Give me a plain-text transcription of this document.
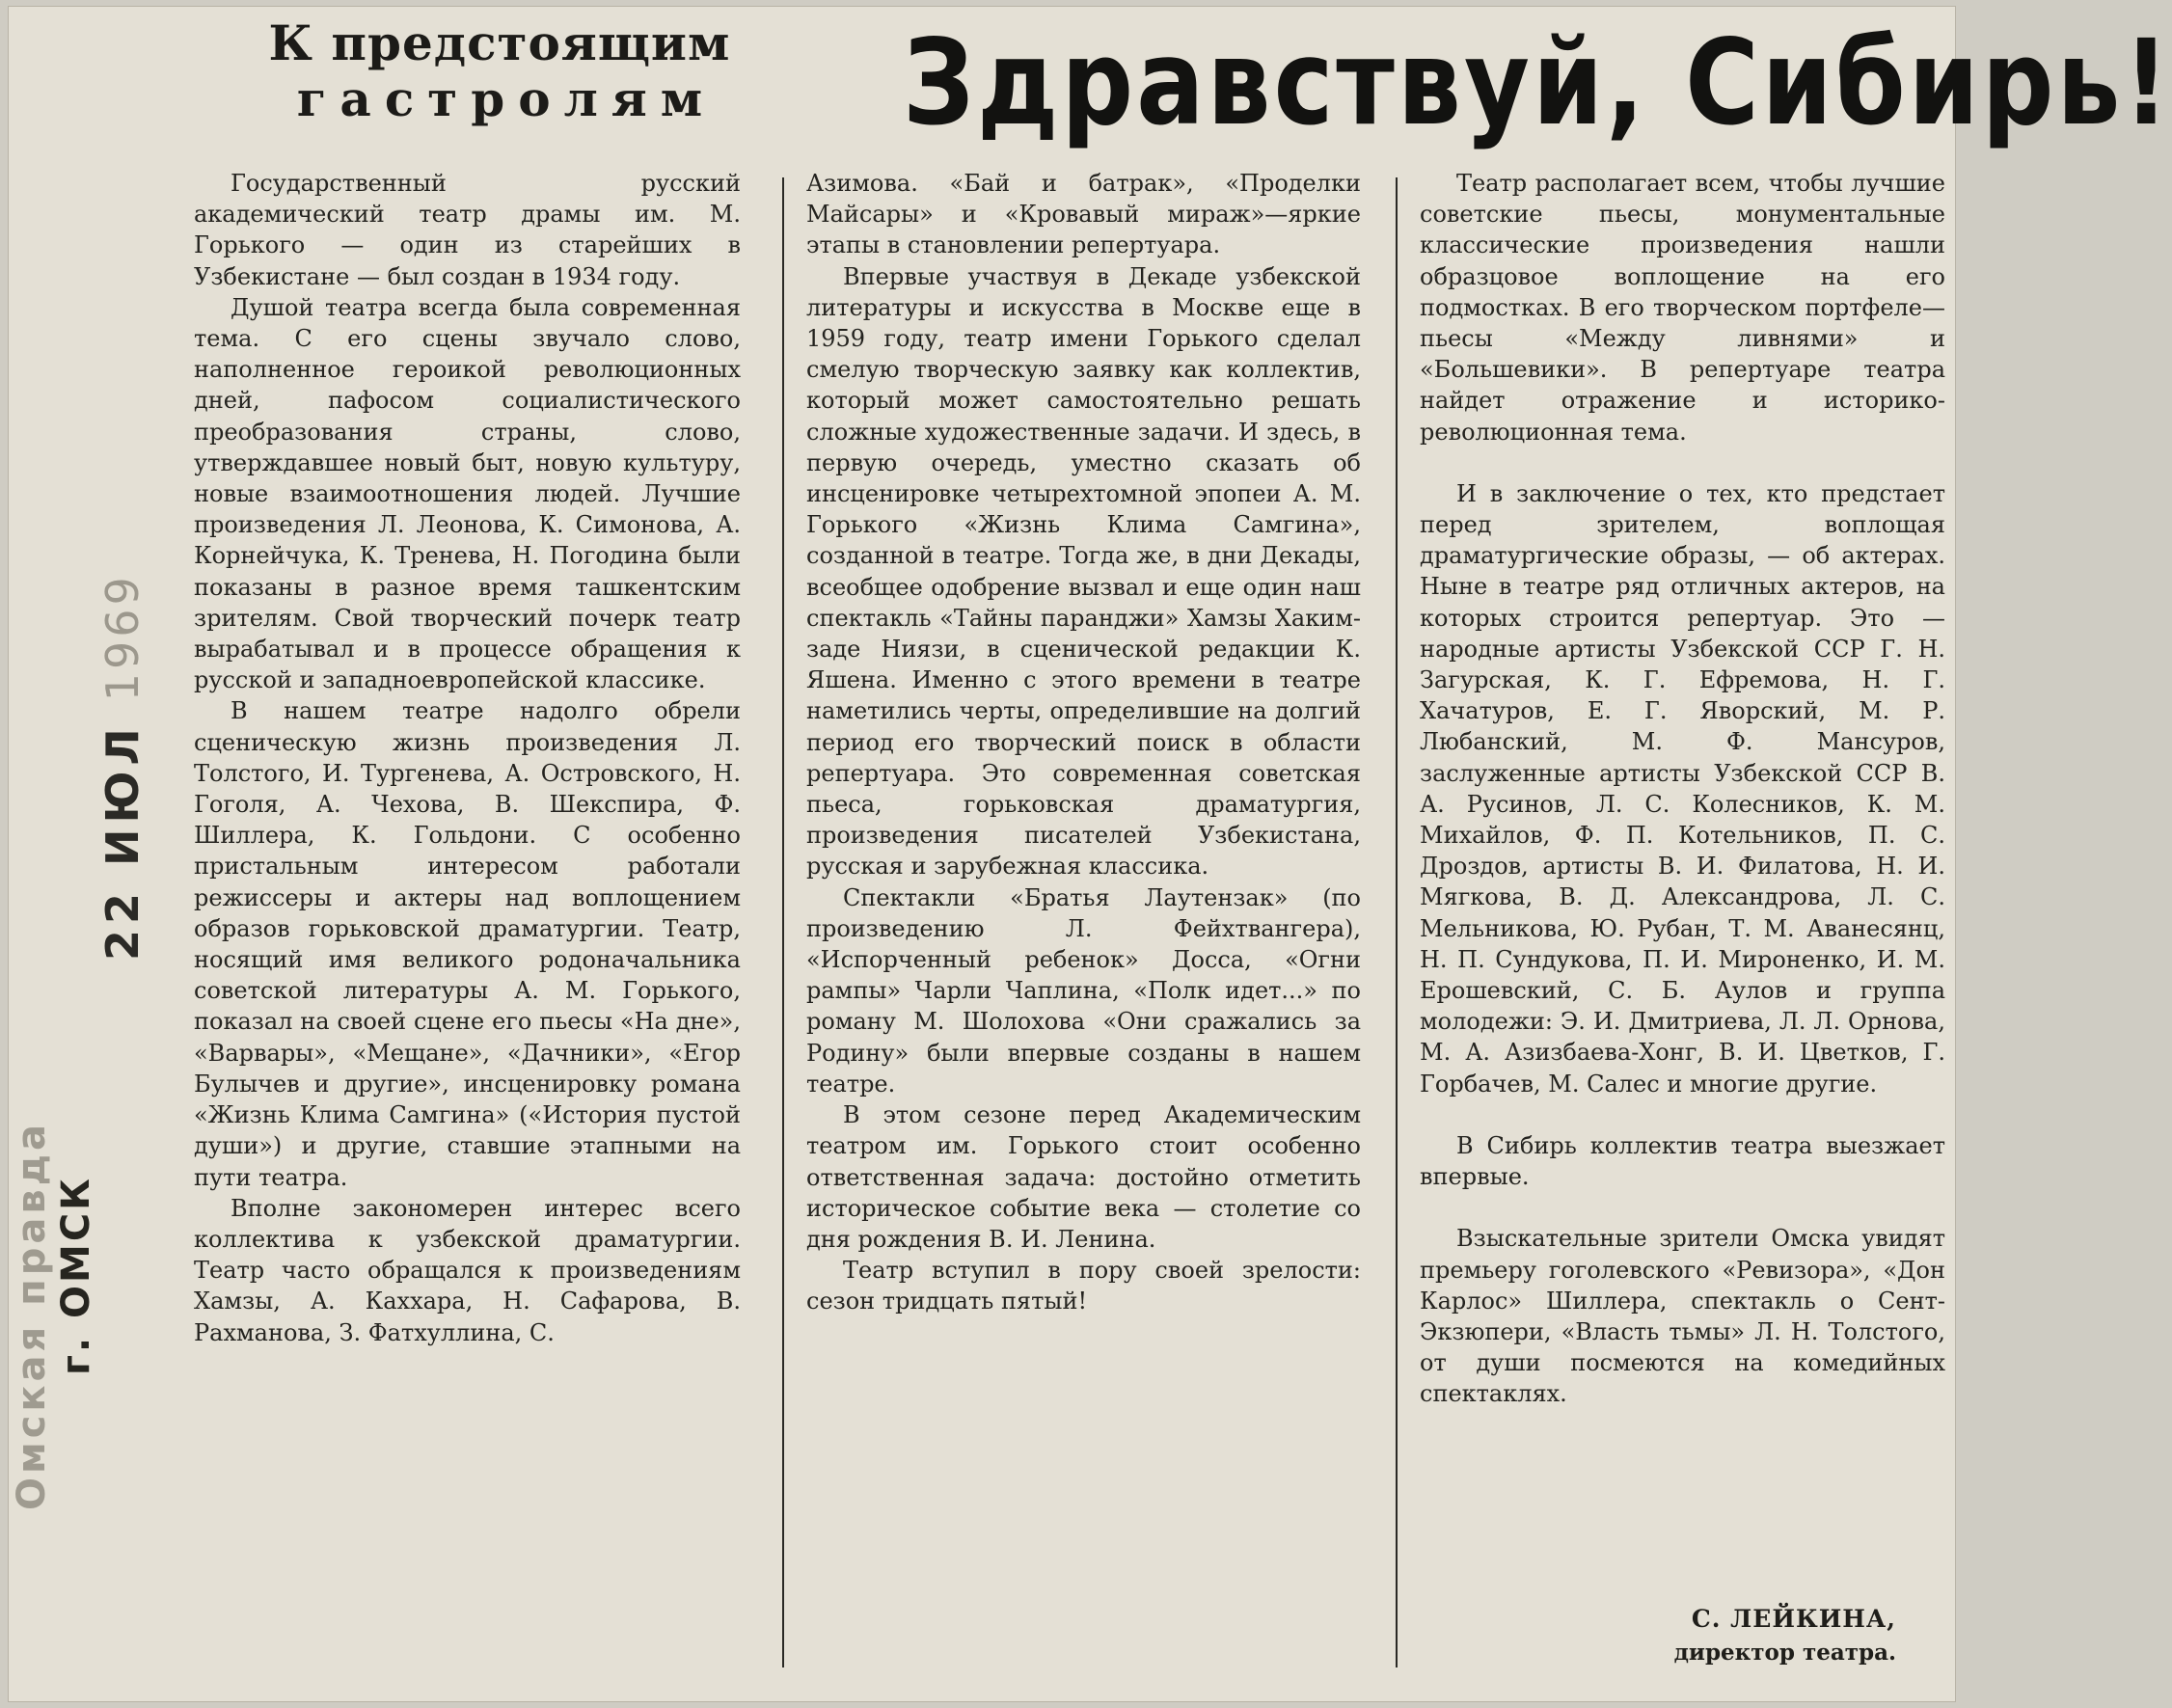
К предстоящим
гастролям	Здравствуй, Сибирь!

Государственный русский академический театр драмы им. М. Горького — один из старейших в Узбекистане — был создан в 1934 году.

Душой театра всегда была современная тема. С его сцены звучало слово, наполненное героикой революционных дней, пафосом социалистического преобразования страны, слово, утверждавшее новый быт, новую культуру, новые взаимоотношения людей. Лучшие произведения Л. Леонова, К. Симонова, А. Корнейчука, К. Тренева, Н. Погодина были показаны в разное время ташкентским зрителям. Свой творческий почерк театр вырабатывал и в процессе обращения к русской и западноевропейской классике.

В нашем театре надолго обрели сценическую жизнь произведения Л. Толстого, И. Тургенева, А. Островского, Н. Гоголя, А. Чехова, В. Шекспира, Ф. Шиллера, К. Гольдони. С особенно пристальным интересом работали режиссеры и актеры над воплощением образов горьковской драматургии. Театр, носящий имя великого родоначальника советской литературы А. М. Горького, показал на своей сцене его пьесы «На дне», «Варвары», «Мещане», «Дачники», «Егор Булычев и другие», инсценировку романа «Жизнь Клима Самгина» («История пустой души») и другие, ставшие этапными на пути театра.

Вполне закономерен интерес всего коллектива к узбекской драматургии. Театр часто обращался к произведениям Хамзы, А. Каххара, Н. Сафарова, В. Рахманова, З. Фатхуллина, С.

Азимова. «Бай и батрак», «Проделки Майсары» и «Кровавый мираж»—яркие этапы в становлении репертуара.

Впервые участвуя в Декаде узбекской литературы и искусства в Москве еще в 1959 году, театр имени Горького сделал смелую творческую заявку как коллектив, который может самостоятельно решать сложные художественные задачи. И здесь, в первую очередь, уместно сказать об инсценировке четырехтомной эпопеи А. М. Горького «Жизнь Клима Самгина», созданной в театре. Тогда же, в дни Декады, всеобщее одобрение вызвал и еще один наш спектакль «Тайны паранджи» Хамзы Хаким-заде Ниязи, в сценической редакции К. Яшена. Именно с этого времени в театре наметились черты, определившие на долгий период его творческий поиск в области репертуара. Это современная советская пьеса, горьковская драматургия, произведения писателей Узбекистана, русская и зарубежная классика.

Спектакли «Братья Лаутензак» (по произведению Л. Фейхтвангера), «Испорченный ребенок» Досса, «Огни рампы» Чарли Чаплина, «Полк идет...» по роману М. Шолохова «Они сражались за Родину» были впервые созданы в нашем театре.

В этом сезоне перед Академическим театром им. Горького стоит особенно ответственная задача: достойно отметить историческое событие века — столетие со дня рождения В. И. Ленина.

Театр вступил в пору своей зрелости: сезон тридцать пятый!

Театр располагает всем, чтобы лучшие советские пьесы, монументальные классические произведения нашли образцовое воплощение на его подмостках. В его творческом портфеле—пьесы «Между ливнями» и «Большевики». В репертуаре театра найдет отражение и историко-революционная тема.

И в заключение о тех, кто предстает перед зрителем, воплощая драматургические образы, — об актерах. Ныне в театре ряд отличных актеров, на которых строится репертуар. Это — народные артисты Узбекской ССР Г. Н. Загурская, К. Г. Ефремова, Н. Г. Хачатуров, Е. Г. Яворский, М. Р. Любанский, М. Ф. Мансуров, заслуженные артисты Узбекской ССР В. А. Русинов, Л. С. Колесников, К. М. Михайлов, Ф. П. Котельников, П. С. Дроздов, артисты В. И. Филатова, Н. И. Мягкова, В. Д. Александрова, Л. С. Мельникова, Ю. Рубан, Т. М. Аванесянц, Н. П. Сундукова, П. И. Мироненко, И. М. Ерошевский, С. Б. Аулов и группа молодежи: Э. И. Дмитриева, Л. Л. Орнова, М. А. Азизбаева-Хонг, В. И. Цветков, Г. Горбачев, М. Салес и многие другие.

В Сибирь коллектив театра выезжает впервые.

Взыскательные зрители Омска увидят премьеру гоголевского «Ревизора», «Дон Карлос» Шиллера, спектакль о Сент-Экзюпери, «Власть тьмы» Л. Н. Толстого, от души посмеются на комедийных спектаклях.

С. ЛЕЙКИНА,
директор театра.
22 ИЮЛ 1969
г. ОМСК
Омская правда
